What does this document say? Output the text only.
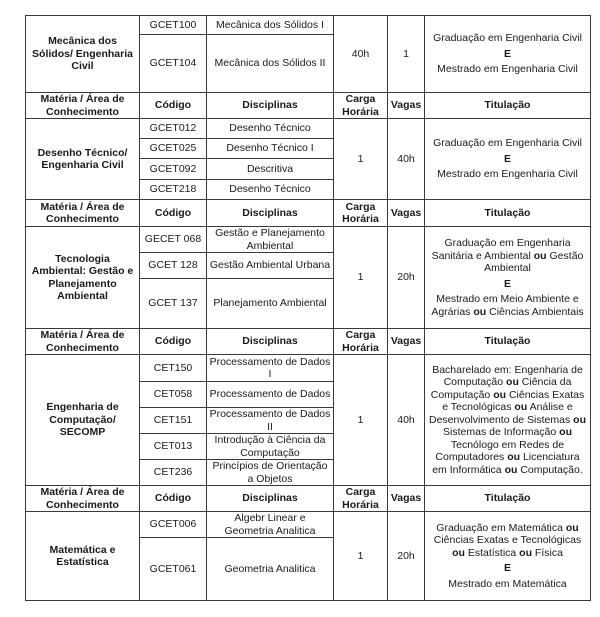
Mecânica dos Sólidos/ Engenharia Civil	GCET100	Mecânica dos Sólidos I	40h	1	Graduação em Engenharia Civil

E

Mestrado em Engenharia Civil

	GCET104	Mecânica dos Sólidos II			
Matéria / Área de Conhecimento	Código	Disciplinas	Carga Horária	Vagas	Titulação
Desenho Técnico/ Engenharia Civil	GCET012	Desenho Técnico	1	40h	Graduação em Engenharia Civil

E

Mestrado em Engenharia Civil

	GCET025	Desenho Técnico I			
	GCET092	Descritiva			
	GCET218	Desenho Técnico			
Matéria / Área de Conhecimento	Código	Disciplinas	Carga Horária	Vagas	Titulação
Tecnologia Ambiental: Gestão e Planejamento Ambiental	GECET 068	Gestão e Planejamento Ambiental	1	20h	Graduação em Engenharia Sanitária e Ambiental ou Gestão Ambiental

E

Mestrado em Meio Ambiente e Agrárias ou Ciências Ambientais

	GCET 128	Gestão Ambiental Urbana			
	GCET 137	Planejamento Ambiental			
Matéria / Área de Conhecimento	Código	Disciplinas	Carga Horária	Vagas	Titulação
Engenharia de Computação/ SECOMP	CET150	Processamento de Dados I	1	40h	Bacharelado em: Engenharia de Computação ou Ciência da Computação ou Ciências Exatas e Tecnológicas ou Análise e Desenvolvimento de Sistemas ou Sistemas de Informação ou Tecnólogo em Redes de Computadores ou Licenciatura em Informática ou Computação.

	CET058	Processamento de Dados			
	CET151	Processamento de Dados II			
	CET013	Introdução à Ciência da Computação			
	CET236	Princípios de Orientação a Objetos			
Matéria / Área de Conhecimento	Código	Disciplinas	Carga Horária	Vagas	Titulação
Matemática e Estatística	GCET006	Algebr Linear e Geometria Analitica	1	20h	Graduação em Matemática ou Ciências Exatas e Tecnológicas ou Estatística ou Física

E

Mestrado em Matemática

	GCET061	Geometria Analitica			
